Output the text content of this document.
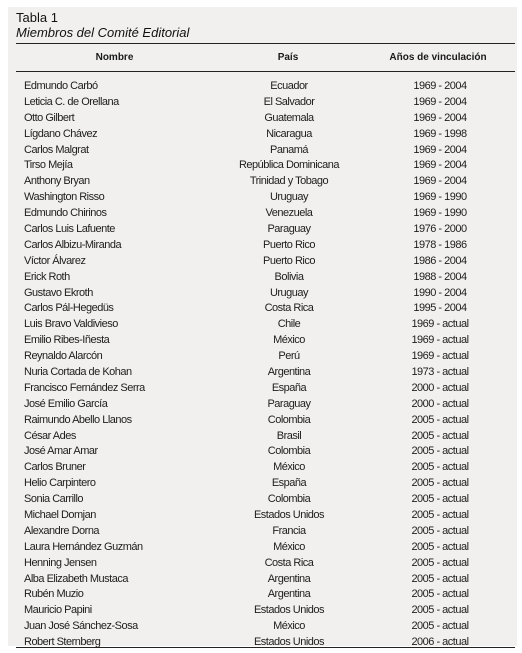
Tabla 1
Miembros del Comité Editorial
Nombre	País	Años de vinculación
Edmundo Carbó	Ecuador	1969 - 2004
Leticia C. de Orellana	El Salvador	1969 - 2004
Otto Gilbert	Guatemala	1969 - 2004
Lígdano Chávez	Nicaragua	1969 - 1998
Carlos Malgrat	Panamá	1969 - 2004
Tirso Mejía	República Dominicana	1969 - 2004
Anthony Bryan	Trinidad y Tobago	1969 - 2004
Washington Risso	Uruguay	1969 - 1990
Edmundo Chirinos	Venezuela	1969 - 1990
Carlos Luis Lafuente	Paraguay	1976 - 2000
Carlos Albizu-Miranda	Puerto Rico	1978 - 1986
Víctor Álvarez	Puerto Rico	1986 - 2004
Erick Roth	Bolivia	1988 - 2004
Gustavo Ekroth	Uruguay	1990 - 2004
Carlos Pál-Hegedüs	Costa Rica	1995 - 2004
Luis Bravo Valdivieso	Chile	1969 - actual
Emilio Ribes-Iñesta	México	1969 - actual
Reynaldo Alarcón	Perú	1969 - actual
Nuria Cortada de Kohan	Argentina	1973 - actual
Francisco Fernández Serra	España	2000 - actual
José Emilio García	Paraguay	2000 - actual
Raimundo Abello Llanos	Colombia	2005 - actual
César Ades	Brasil	2005 - actual
José Amar Amar	Colombia	2005 - actual
Carlos Bruner	México	2005 - actual
Helio Carpintero	España	2005 - actual
Sonia Carrillo	Colombia	2005 - actual
Michael Domjan	Estados Unidos	2005 - actual
Alexandre Dorna	Francia	2005 - actual
Laura Hernández Guzmán	México	2005 - actual
Henning Jensen	Costa Rica	2005 - actual
Alba Elizabeth Mustaca	Argentina	2005 - actual
Rubén Muzio	Argentina	2005 - actual
Mauricio Papini	Estados Unidos	2005 - actual
Juan José Sánchez-Sosa	México	2005 - actual
Robert Sternberg	Estados Unidos	2006 - actual
